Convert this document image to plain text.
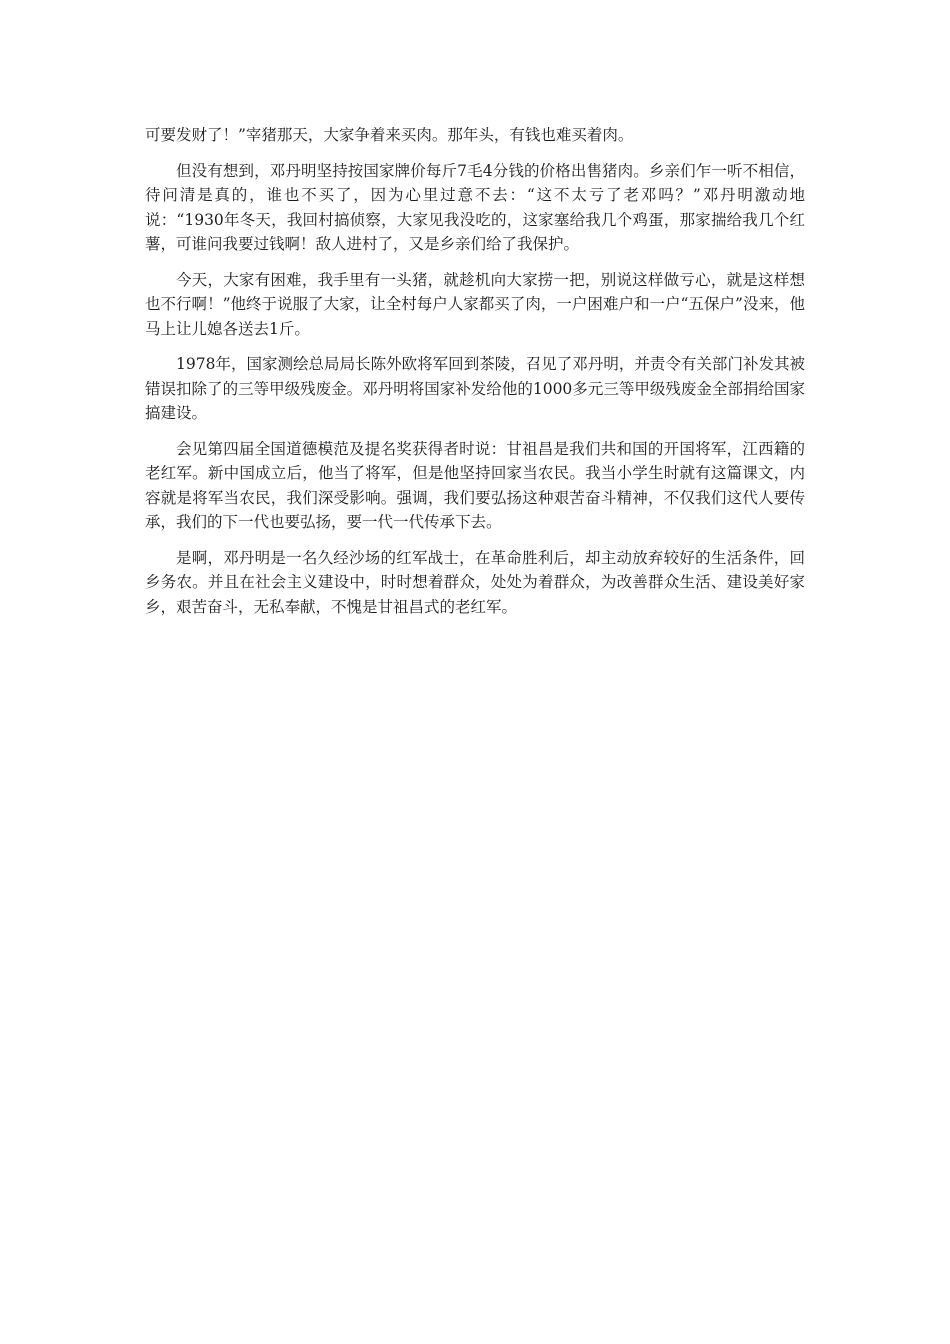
可要发财了！”宰猪那天，大家争着来买肉。那年头，有钱也难买着肉。

但没有想到，邓丹明坚持按国家牌价每斤7毛4分钱的价格出售猪肉。乡亲们乍一听不相信，待问清是真的，谁也不买了，因为心里过意不去：“这不太亏了老邓吗？”邓丹明激动地说：“1930年冬天，我回村搞侦察，大家见我没吃的，这家塞给我几个鸡蛋，那家揣给我几个红薯，可谁问我要过钱啊！敌人进村了，又是乡亲们给了我保护。

今天，大家有困难，我手里有一头猪，就趁机向大家捞一把，别说这样做亏心，就是这样想也不行啊！”他终于说服了大家，让全村每户人家都买了肉，一户困难户和一户“五保户”没来，他马上让儿媳各送去1斤。

1978年，国家测绘总局局长陈外欧将军回到茶陵，召见了邓丹明，并责令有关部门补发其被错误扣除了的三等甲级残废金。邓丹明将国家补发给他的1000多元三等甲级残废金全部捐给国家搞建设。

会见第四届全国道德模范及提名奖获得者时说：甘祖昌是我们共和国的开国将军，江西籍的老红军。新中国成立后，他当了将军，但是他坚持回家当农民。我当小学生时就有这篇课文，内容就是将军当农民，我们深受影响。强调，我们要弘扬这种艰苦奋斗精神，不仅我们这代人要传承，我们的下一代也要弘扬，要一代一代传承下去。

是啊，邓丹明是一名久经沙场的红军战士，在革命胜利后，却主动放弃较好的生活条件，回乡务农。并且在社会主义建设中，时时想着群众，处处为着群众，为改善群众生活、建设美好家乡，艰苦奋斗，无私奉献，不愧是甘祖昌式的老红军。
